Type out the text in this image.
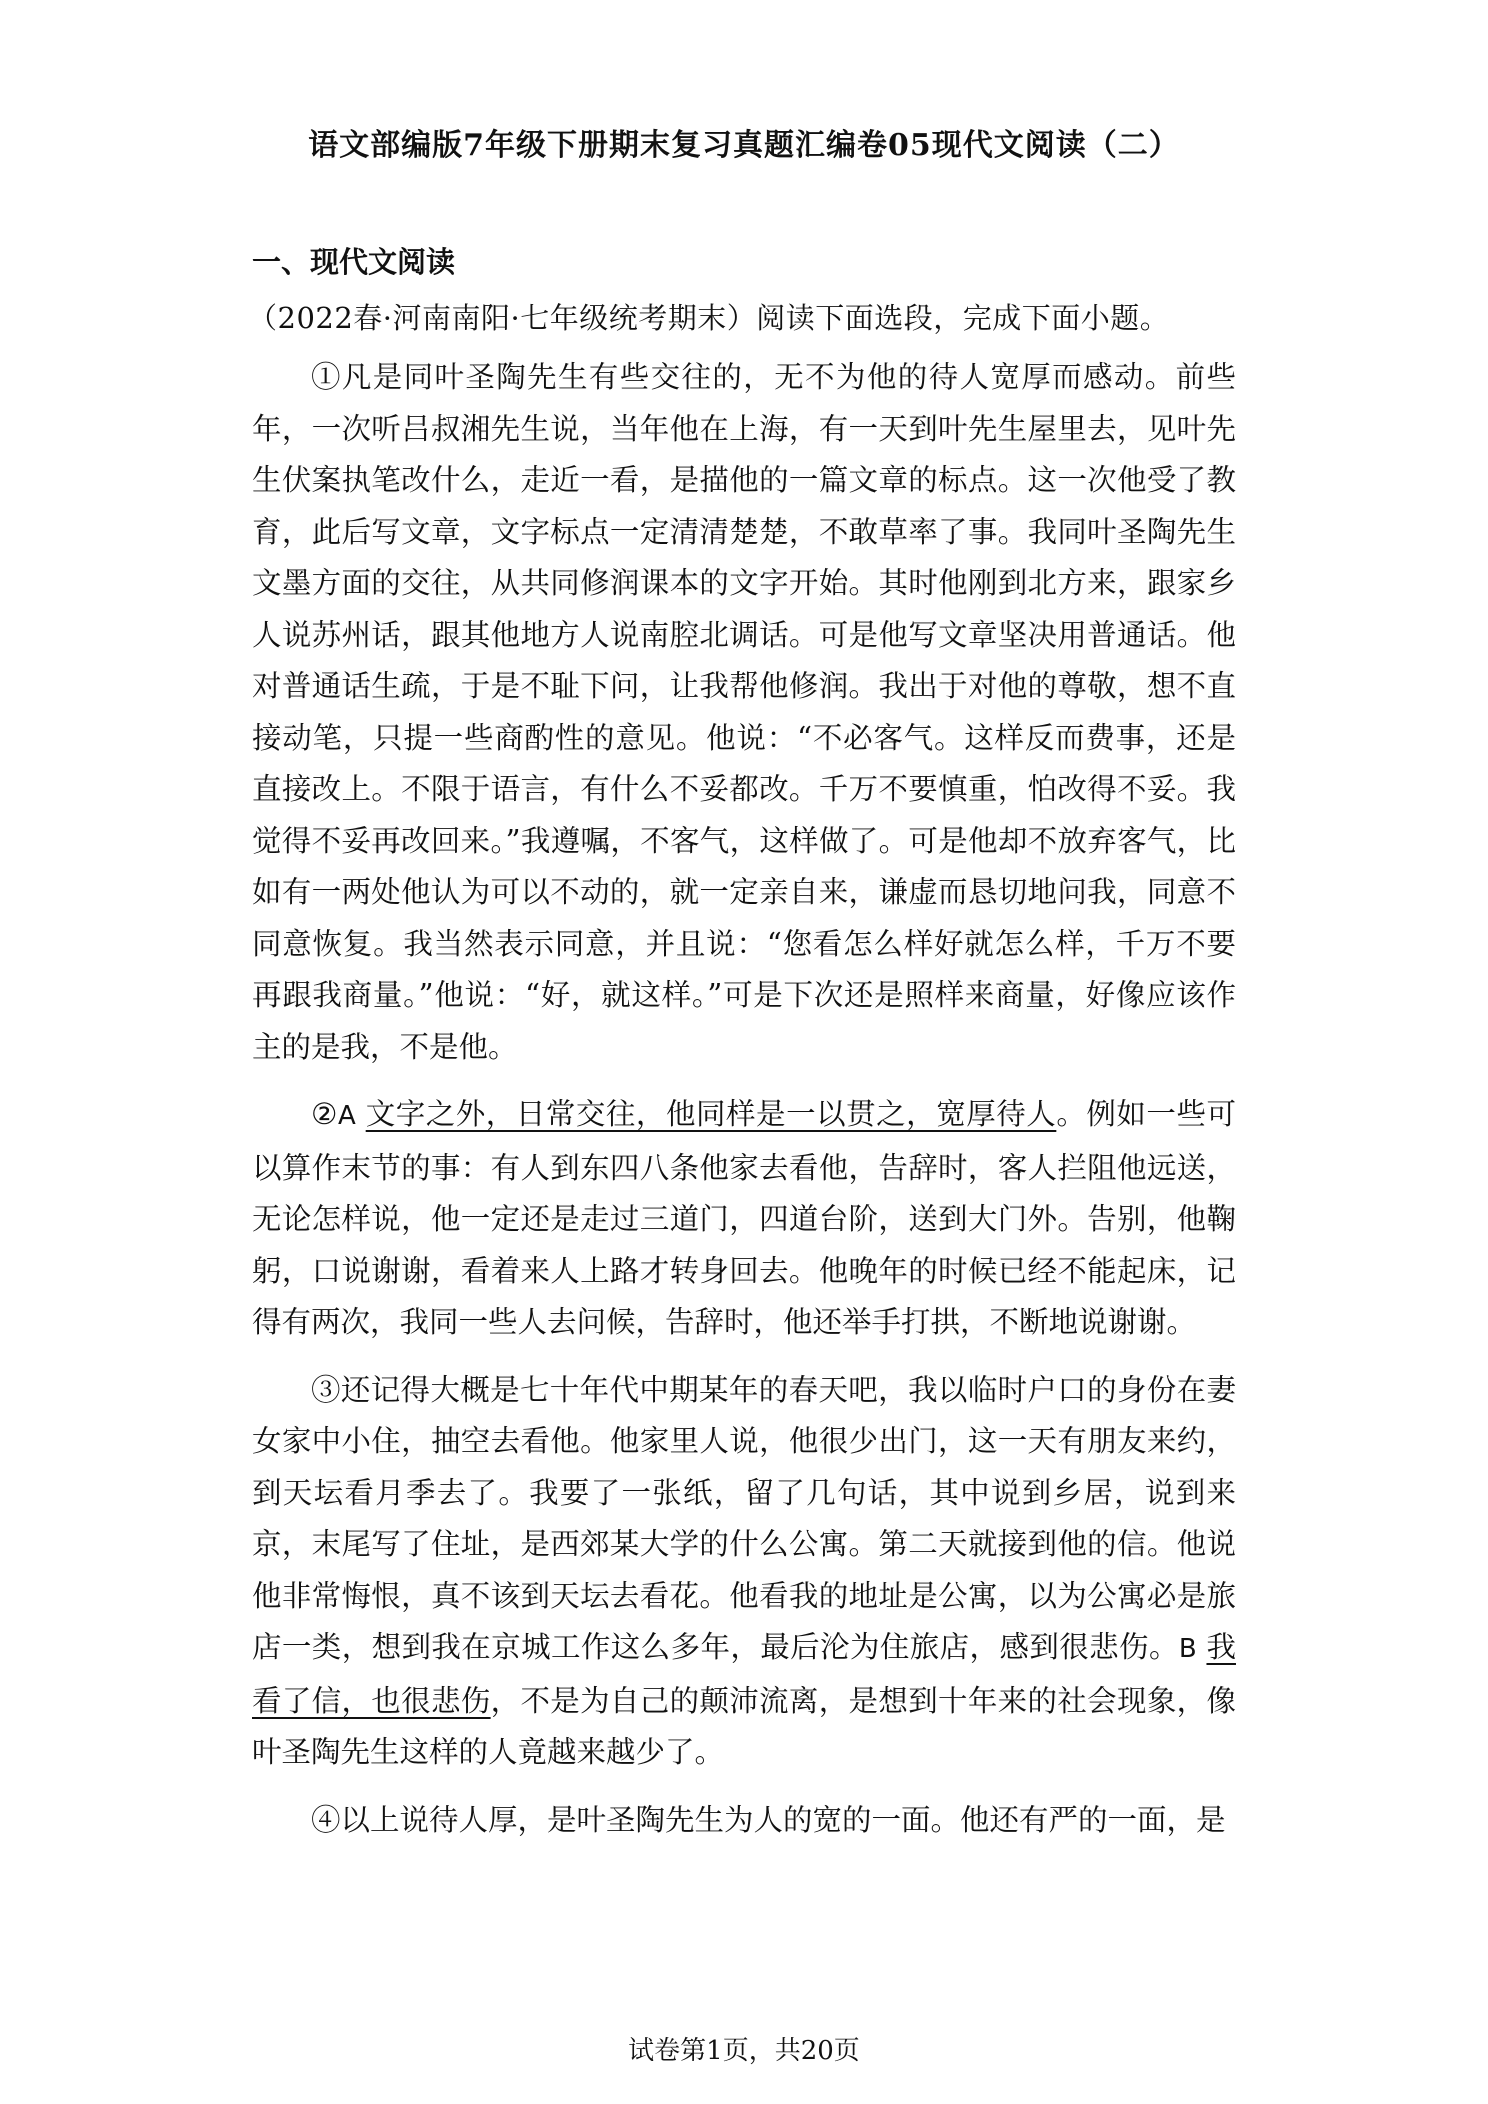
语文部编版7年级下册期末复习真题汇编卷05现代文阅读（二）
一、现代文阅读
（2022春·河南南阳·七年级统考期末）阅读下面选段，完成下面小题。

①凡是同叶圣陶先生有些交往的，无不为他的待人宽厚而感动。前些年，一次听吕叔湘先生说，当年他在上海，有一天到叶先生屋里去，见叶先生伏案执笔改什么，走近一看，是描他的一篇文章的标点。这一次他受了教育，此后写文章，文字标点一定清清楚楚，不敢草率了事。我同叶圣陶先生文墨方面的交往，从共同修润课本的文字开始。其时他刚到北方来，跟家乡人说苏州话，跟其他地方人说南腔北调话。可是他写文章坚决用普通话。他对普通话生疏，于是不耻下问，让我帮他修润。我出于对他的尊敬，想不直接动笔，只提一些商酌性的意见。他说：“不必客气。这样反而费事，还是直接改上。不限于语言，有什么不妥都改。千万不要慎重，怕改得不妥。我觉得不妥再改回来。”我遵嘱，不客气，这样做了。可是他却不放弃客气，比如有一两处他认为可以不动的，就一定亲自来，谦虚而恳切地问我，同意不同意恢复。我当然表示同意，并且说：“您看怎么样好就怎么样，千万不要再跟我商量。”他说：“好，就这样。”可是下次还是照样来商量，好像应该作主的是我，不是他。

②A 文字之外，日常交往，他同样是一以贯之，宽厚待人。例如一些可以算作末节的事：有人到东四八条他家去看他，告辞时，客人拦阻他远送，无论怎样说，他一定还是走过三道门，四道台阶，送到大门外。告别，他鞠躬，口说谢谢，看着来人上路才转身回去。他晚年的时候已经不能起床，记得有两次，我同一些人去问候，告辞时，他还举手打拱，不断地说谢谢。

③还记得大概是七十年代中期某年的春天吧，我以临时户口的身份在妻女家中小住，抽空去看他。他家里人说，他很少出门，这一天有朋友来约，到天坛看月季去了。我要了一张纸，留了几句话，其中说到乡居，说到来京，末尾写了住址，是西郊某大学的什么公寓。第二天就接到他的信。他说他非常悔恨，真不该到天坛去看花。他看我的地址是公寓，以为公寓必是旅店一类，想到我在京城工作这么多年，最后沦为住旅店，感到很悲伤。B 我看了信，也很悲伤，不是为自己的颠沛流离，是想到十年来的社会现象，像叶圣陶先生这样的人竟越来越少了。

④以上说待人厚，是叶圣陶先生为人的宽的一面。他还有严的一面，是

试卷第1页，共20页
